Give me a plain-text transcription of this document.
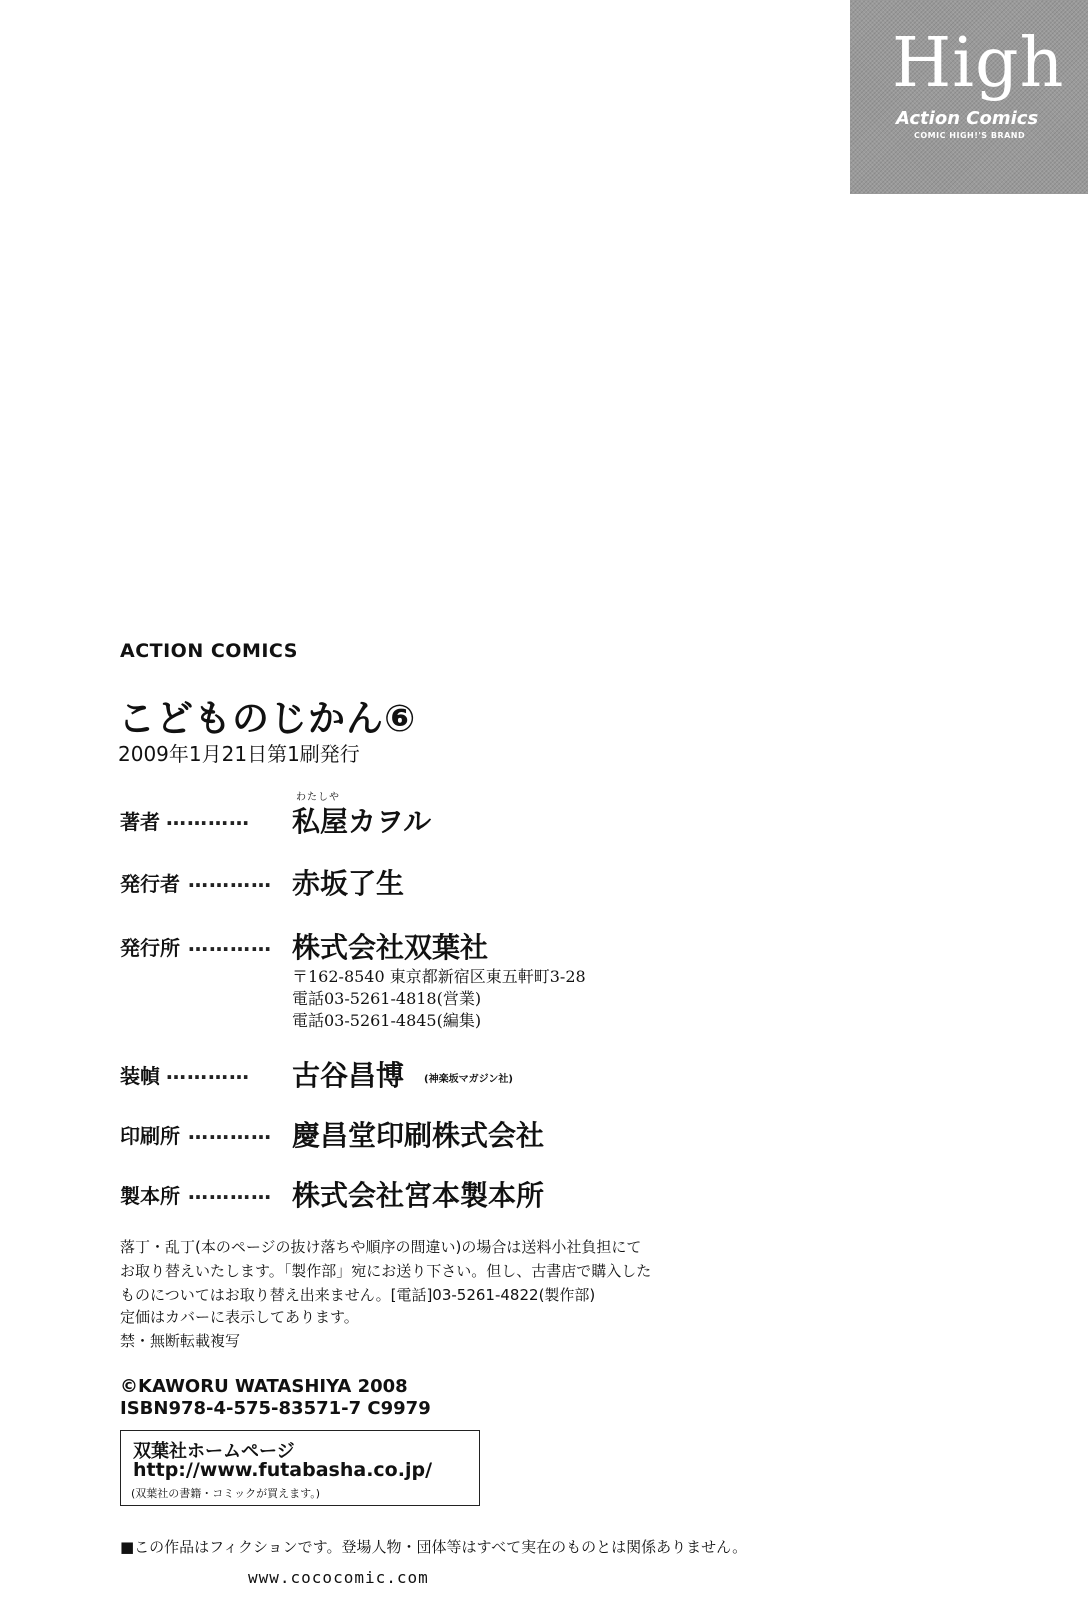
High
Action Comics
COMIC HIGH!'S BRAND
ACTION COMICS
こどものじかん⑥
2009年1月21日第1刷発行
わたしや
著者 ………… 私屋カヲル
発行者 ………… 赤坂了生
発行所 ………… 株式会社双葉社
〒162-8540 東京都新宿区東五軒町3-28
電話03-5261-4818(営業)
電話03-5261-4845(編集)
装幀 ………… 古谷昌博 (神楽坂マガジン社)
印刷所 ………… 慶昌堂印刷株式会社
製本所 ………… 株式会社宮本製本所
落丁・乱丁(本のページの抜け落ちや順序の間違い)の場合は送料小社負担にて
お取り替えいたします。「製作部」宛にお送り下さい。但し、古書店で購入した
ものについてはお取り替え出来ません。[電話]03-5261-4822(製作部)
定価はカバーに表示してあります。
禁・無断転載複写
©KAWORU WATASHIYA 2008
ISBN978-4-575-83571-7 C9979
双葉社ホームページ
http://www.futabasha.co.jp/
(双葉社の書籍・コミックが買えます。)
■この作品はフィクションです。登場人物・団体等はすべて実在のものとは関係ありません。
www.cococomic.com
